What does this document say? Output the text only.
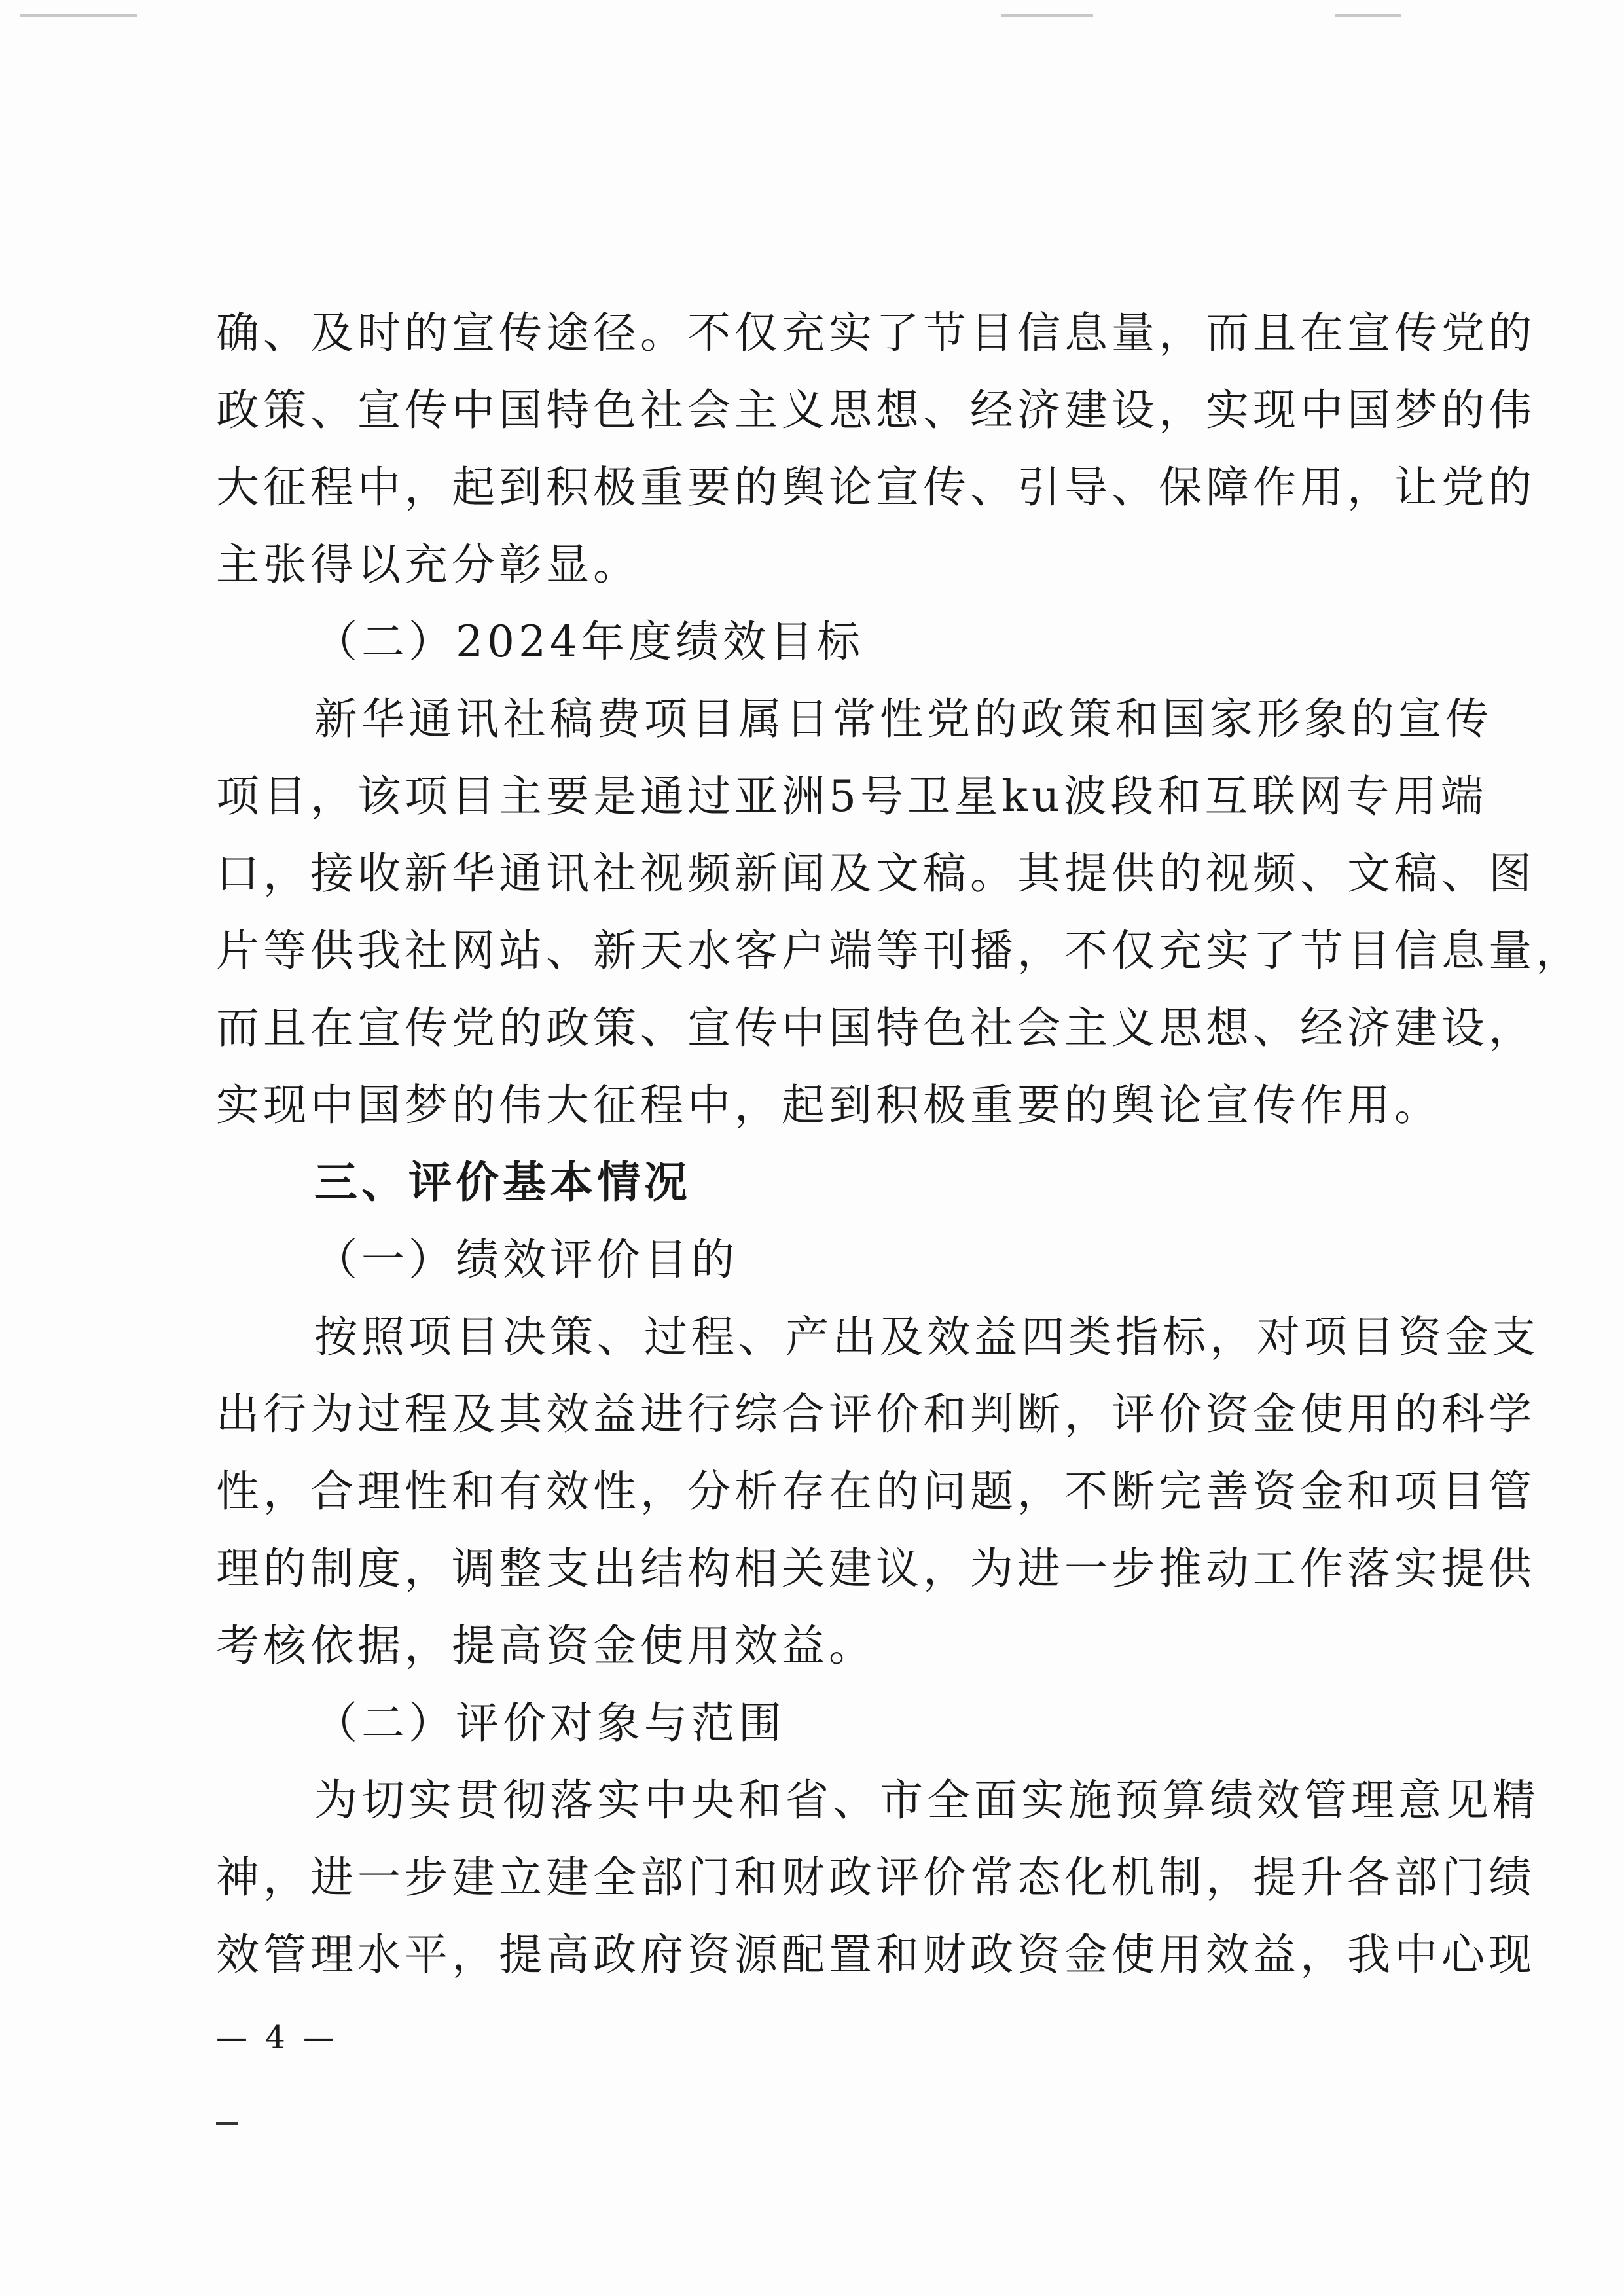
确、及时的宣传途径。不仅充实了节目信息量，而且在宣传党的
政策、宣传中国特色社会主义思想、经济建设，实现中国梦的伟
大征程中，起到积极重要的舆论宣传、引导、保障作用，让党的
主张得以充分彰显。
（二）2024年度绩效目标
新华通讯社稿费项目属日常性党的政策和国家形象的宣传
项目，该项目主要是通过亚洲5号卫星ku波段和互联网专用端
口，接收新华通讯社视频新闻及文稿。其提供的视频、文稿、图
片等供我社网站、新天水客户端等刊播，不仅充实了节目信息量，
而且在宣传党的政策、宣传中国特色社会主义思想、经济建设，
实现中国梦的伟大征程中，起到积极重要的舆论宣传作用。
三、评价基本情况
（一）绩效评价目的
按照项目决策、过程、产出及效益四类指标，对项目资金支
出行为过程及其效益进行综合评价和判断，评价资金使用的科学
性，合理性和有效性，分析存在的问题，不断完善资金和项目管
理的制度，调整支出结构相关建议，为进一步推动工作落实提供
考核依据，提高资金使用效益。
（二）评价对象与范围
为切实贯彻落实中央和省、市全面实施预算绩效管理意见精
神，进一步建立建全部门和财政评价常态化机制，提升各部门绩
效管理水平，提高政府资源配置和财政资金使用效益，我中心现
— 4 —
